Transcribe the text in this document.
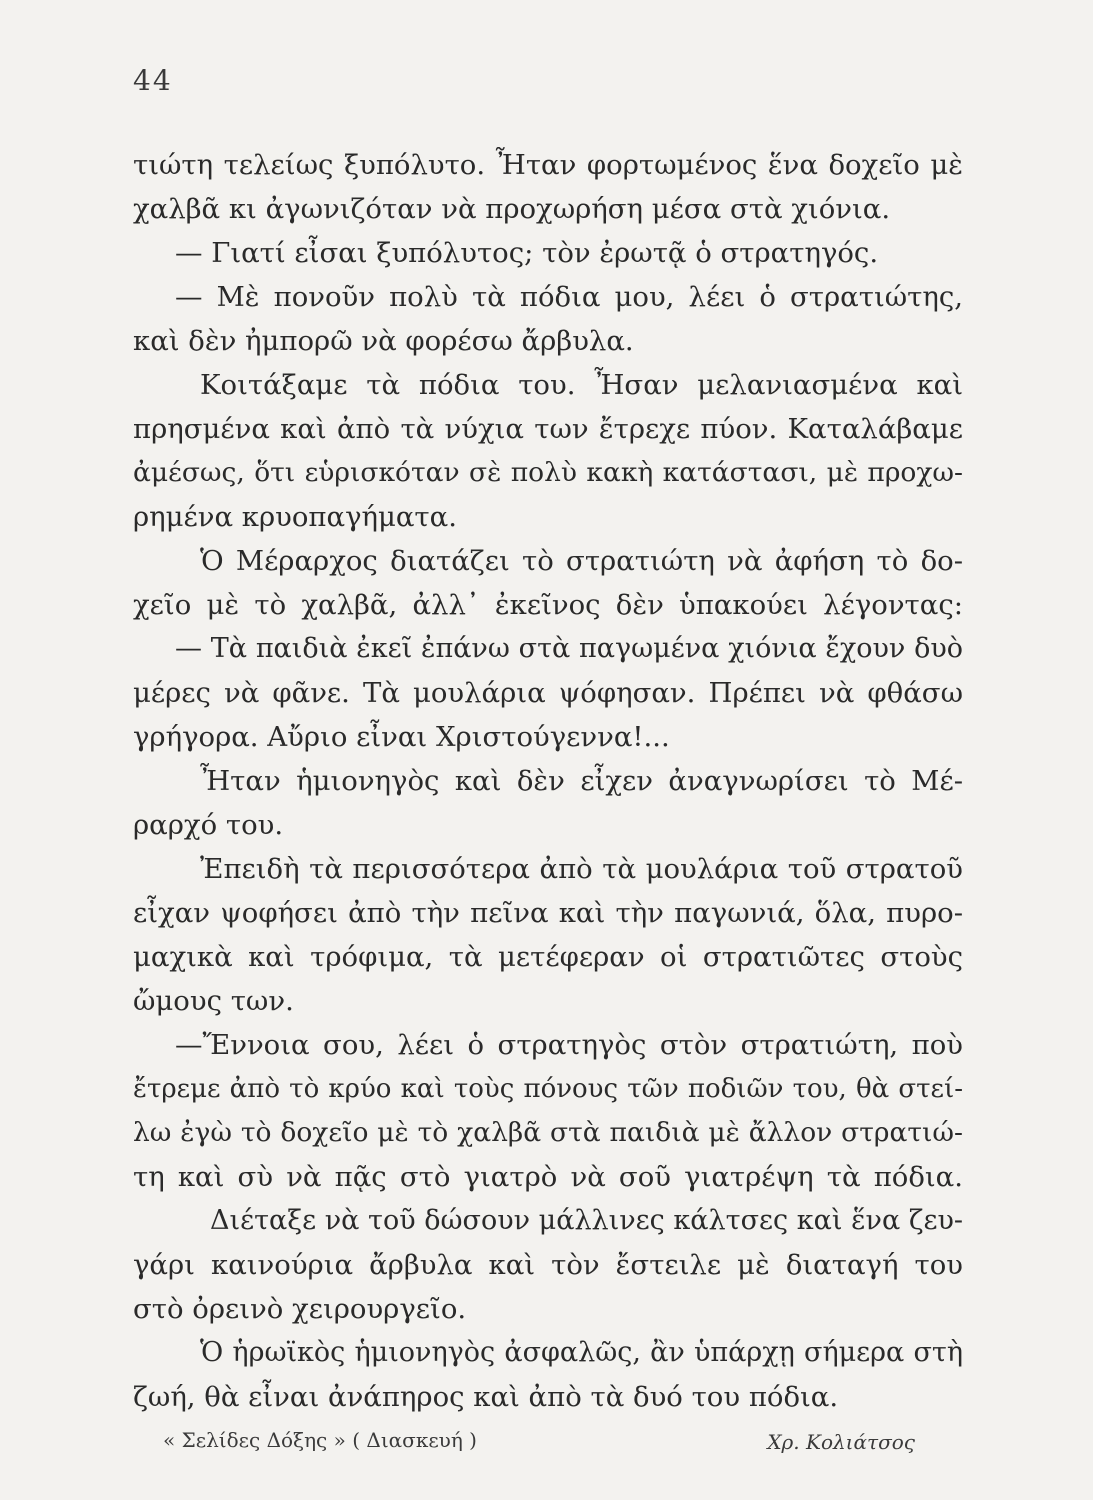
44
τιώτη τελείως ξυπόλυτο. Ἦταν φορτωμένος ἕνα δοχεῖο μὲ
χαλβᾶ κι ἀγωνιζόταν νὰ προχωρήση μέσα στὰ χιόνια.
— Γιατί εἶσαι ξυπόλυτος; τὸν ἐρωτᾷ ὁ στρατηγός.
— Μὲ πονοῦν πολὺ τὰ πόδια μου, λέει ὁ στρατιώτης,
καὶ δὲν ἠμπορῶ νὰ φορέσω ἄρβυλα.
Κοιτάξαμε τὰ πόδια του. Ἦσαν μελανιασμένα καὶ
πρησμένα καὶ ἀπὸ τὰ νύχια των ἔτρεχε πύον. Καταλάβαμε
ἀμέσως, ὅτι εὑρισκόταν σὲ πολὺ κακὴ κατάστασι, μὲ προχω-
ρημένα κρυοπαγήματα.
Ὁ Μέραρχος διατάζει τὸ στρατιώτη νὰ ἀφήση τὸ δο-
χεῖο μὲ τὸ χαλβᾶ, ἀλλ᾽ ἐκεῖνος δὲν ὑπακούει λέγοντας:
— Τὰ παιδιὰ ἐκεῖ ἐπάνω στὰ παγωμένα χιόνια ἔχουν δυὸ
μέρες νὰ φᾶνε. Τὰ μουλάρια ψόφησαν. Πρέπει νὰ φθάσω
γρήγορα. Αὔριο εἶναι Χριστούγεννα!...
Ἦταν ἡμιονηγὸς καὶ δὲν εἶχεν ἀναγνωρίσει τὸ Μέ-
ραρχό του.
Ἐπειδὴ τὰ περισσότερα ἀπὸ τὰ μουλάρια τοῦ στρατοῦ
εἶχαν ψοφήσει ἀπὸ τὴν πεῖνα καὶ τὴν παγωνιά, ὅλα, πυρο-
μαχικὰ καὶ τρόφιμα, τὰ μετέφεραν οἱ στρατιῶτες στοὺς
ὤμους των.
—Ἔννοια σου, λέει ὁ στρατηγὸς στὸν στρατιώτη, ποὺ
ἔτρεμε ἀπὸ τὸ κρύο καὶ τοὺς πόνους τῶν ποδιῶν του, θὰ στεί-
λω ἐγὼ τὸ δοχεῖο μὲ τὸ χαλβᾶ στὰ παιδιὰ μὲ ἄλλον στρατιώ-
τη καὶ σὺ νὰ πᾷς στὸ γιατρὸ νὰ σοῦ γιατρέψη τὰ πόδια.
Διέταξε νὰ τοῦ δώσουν μάλλινες κάλτσες καὶ ἕνα ζευ-
γάρι καινούρια ἄρβυλα καὶ τὸν ἔστειλε μὲ διαταγή του
στὸ ὀρεινὸ χειρουργεῖο.
Ὁ ἡρωϊκὸς ἡμιονηγὸς ἀσφαλῶς, ἂν ὑπάρχῃ σήμερα στὴ
ζωή, θὰ εἶναι ἀνάπηρος καὶ ἀπὸ τὰ δυό του πόδια.
« Σελίδες Δόξης » ( Διασκευή )	Χρ. Κολιάτσος
